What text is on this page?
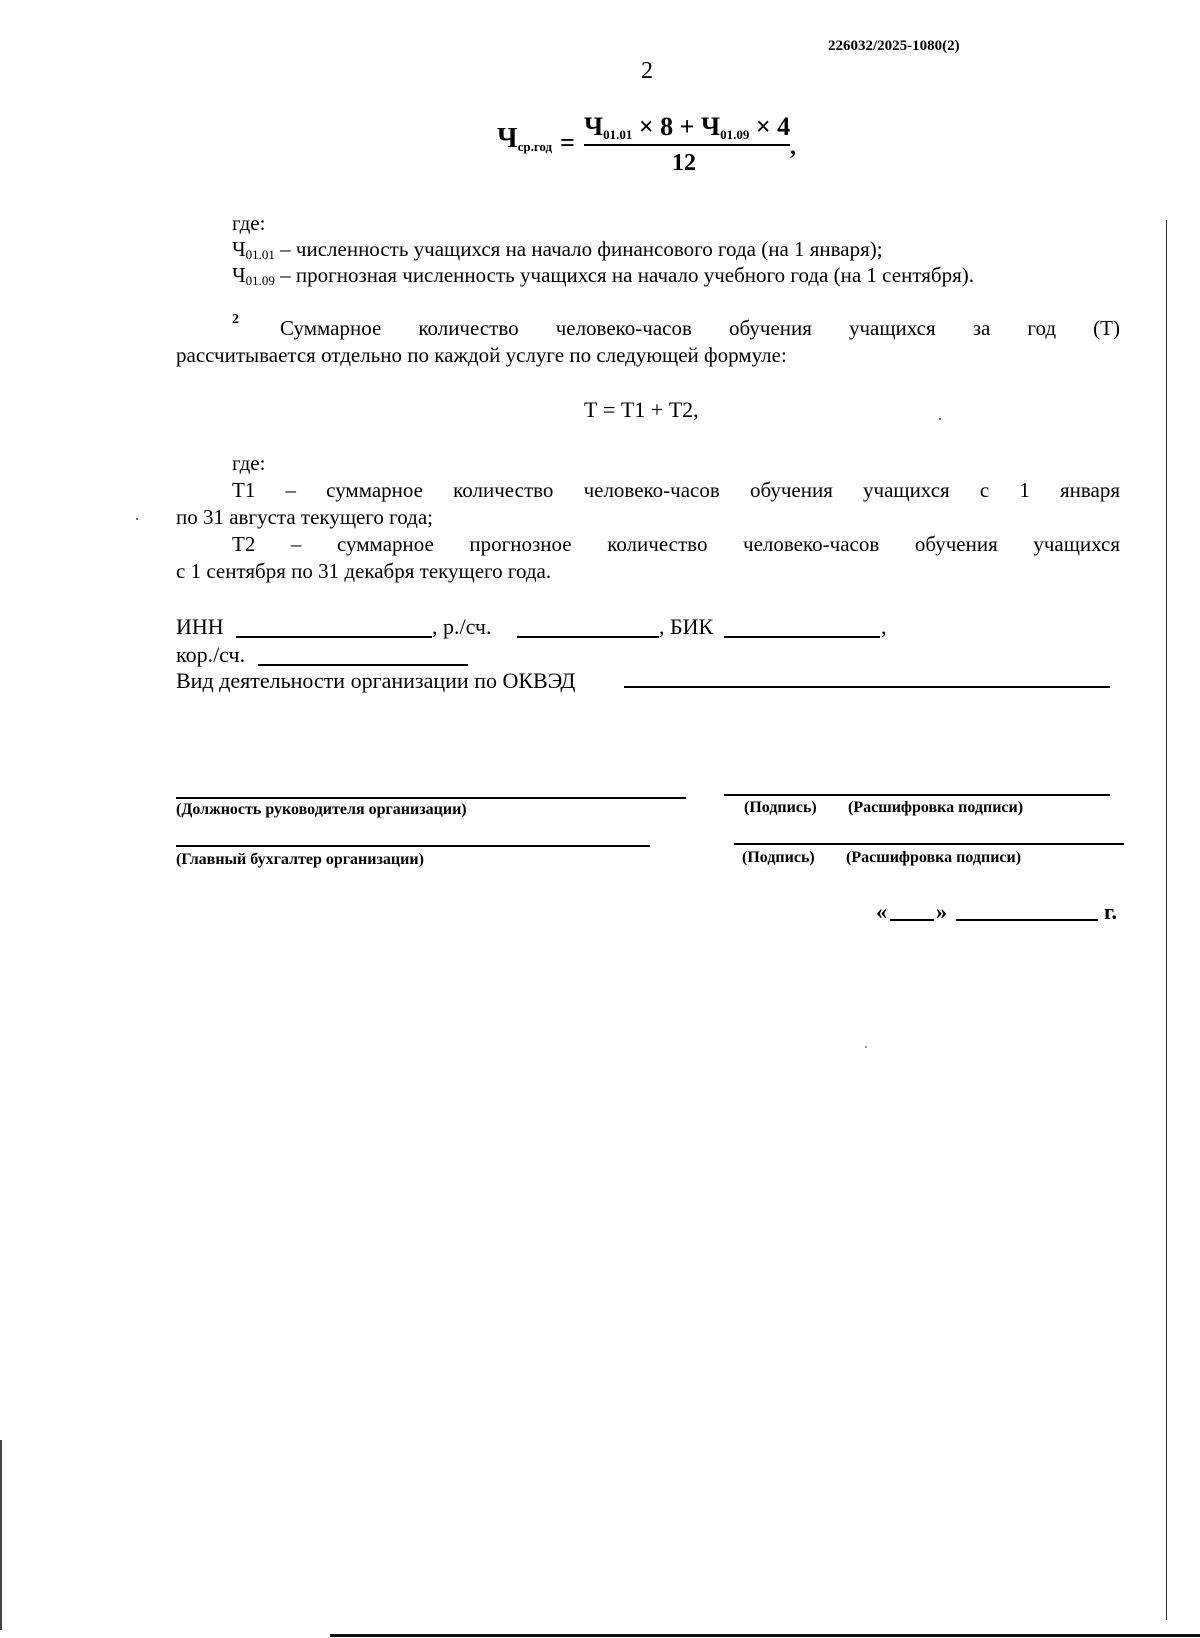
226032/2025-1080(2)
2
$Ч_{ср.год}$ =
$Ч_{01.01} \times 8 + Ч_{01.09} \times 4$
12
,
где:
$Ч_{01.01}$ – численность учащихся на начало финансового года (на 1 января);
$Ч_{01.09}$ – прогнозная численность учащихся на начало учебного года (на 1 сентября).
2 Суммарное количество человеко-часов обучения учащихся за год (Т)
рассчитывается отдельно по каждой услуге по следующей формуле:
Т = Т1 + Т2,
где:
Т1 – суммарное количество человеко-часов обучения учащихся с 1 января
по 31 августа текущего года;
Т2 – суммарное прогнозное количество человеко-часов обучения учащихся
с 1 сентября по 31 декабря текущего года.
ИНН	, р./сч.	, БИК	,
кор./сч.
Вид деятельности организации по ОКВЭД
(Должность руководителя организации)	(Подпись) (Расшифровка подписи)
(Главный бухгалтер организации)	(Подпись) (Расшифровка подписи)
« »	г.
